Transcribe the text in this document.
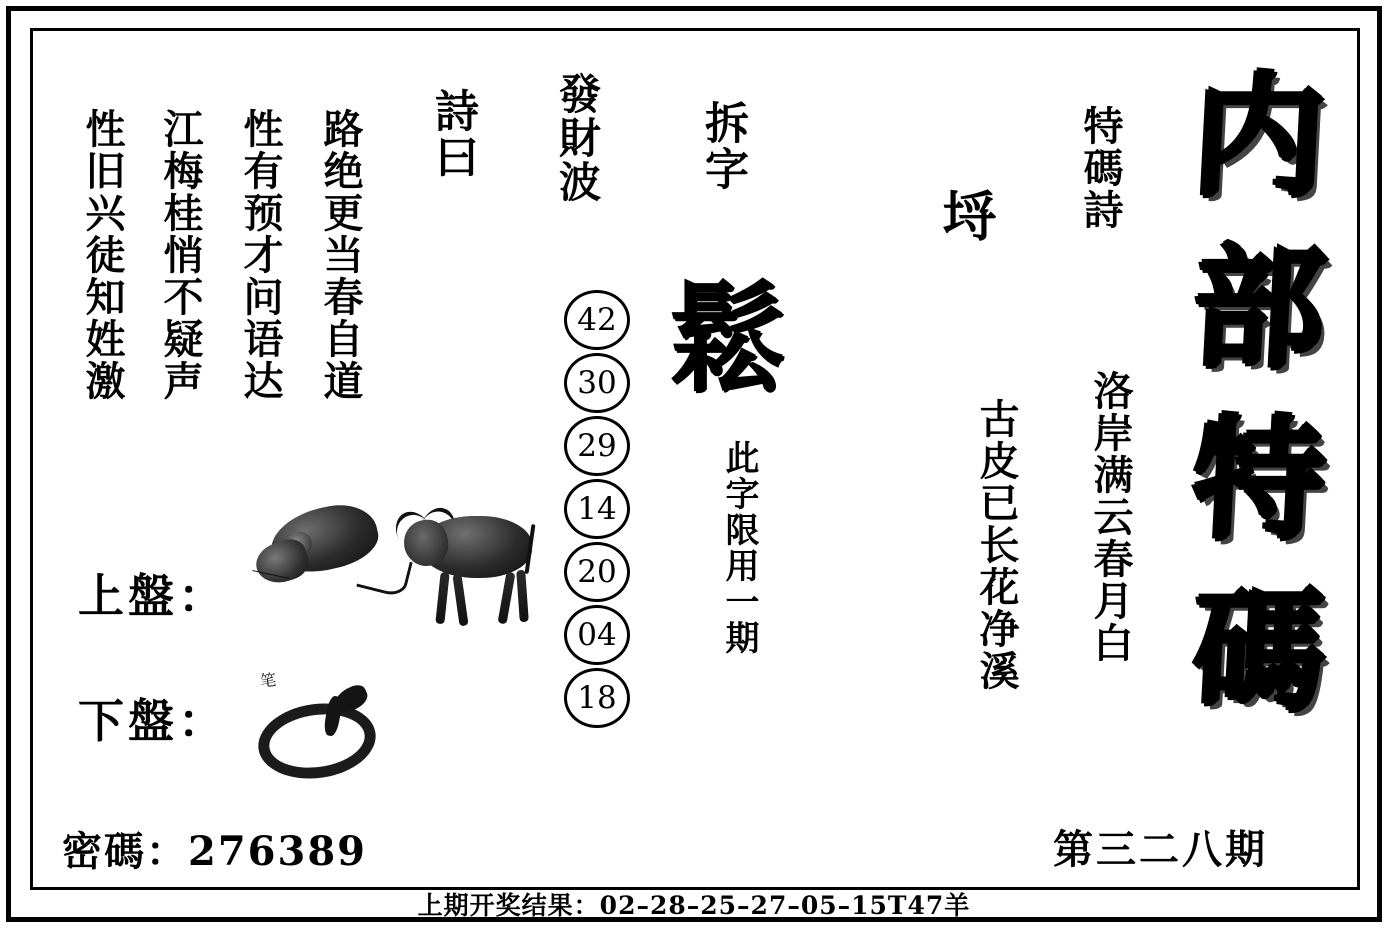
内
部
特
碼
特碼詩
埒
洛岸满云春月白
古皮已长花净溪
拆字
鬆
此字限用一期
發財波
42
30
29
14
20
04
18
詩曰
路绝更当春自道
性有预才问语达
江梅桂悄不疑声
性旧兴徒知姓激
上盤：
下盤：
笔
密碼：276389	第三二八期
上期开奖结果：02–28–25–27–05–15T47羊
